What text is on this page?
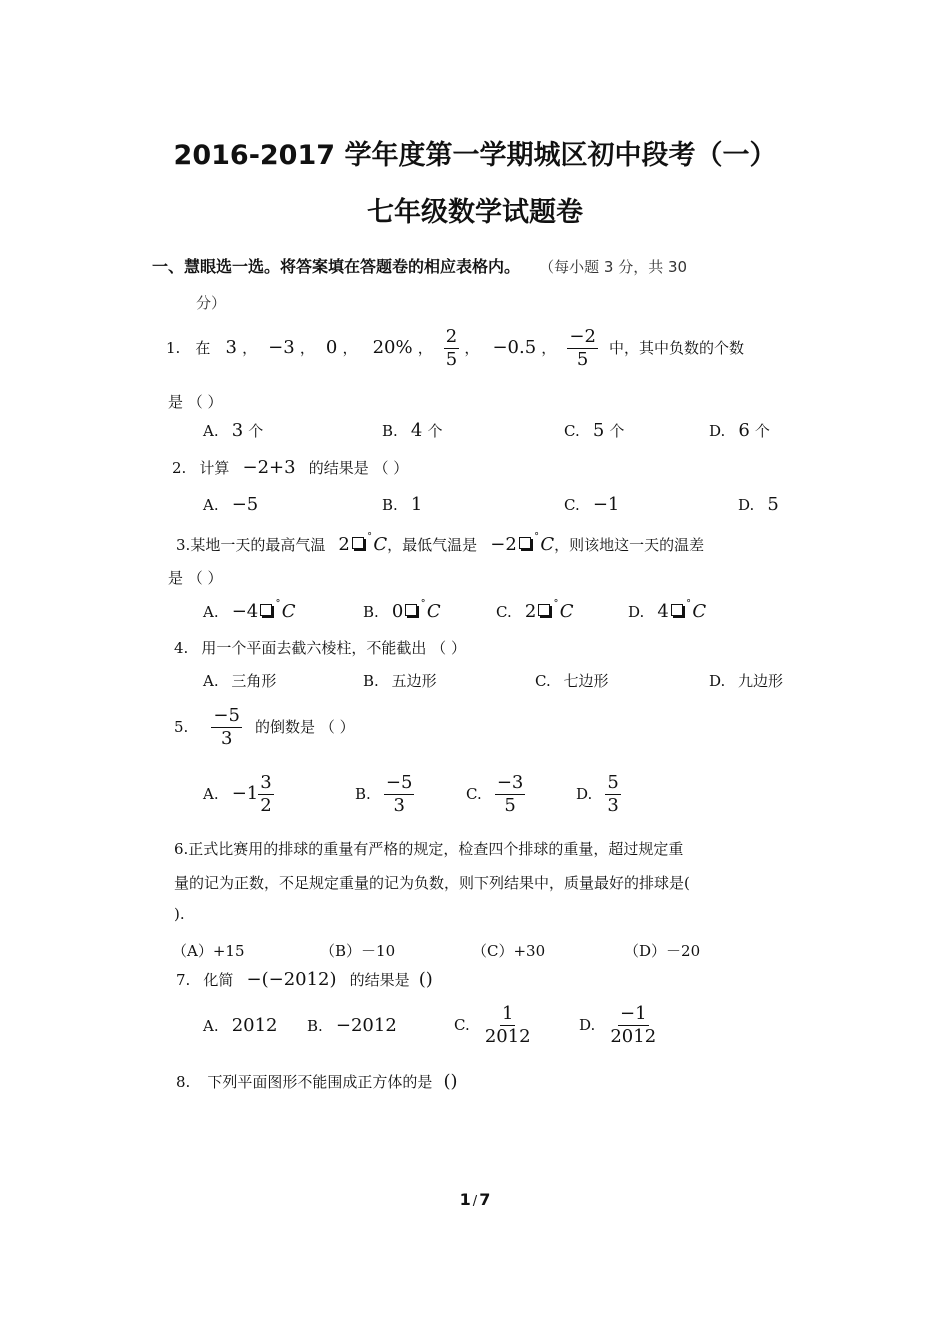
2016-2017 学年度第一学期城区初中段考（一）
七年级数学试题卷
一、慧眼选一选。将答案填在答题卷的相应表格内。 （每小题 3 分，共 30
分）
1. 在 3 ， −3 ， 0 ， 20% ， $\frac{2}{5}$ ， −0.5 ， $\frac{-2}{5}$ 中，其中负数的个数
是 （ ）
A. 3 个	B. 4 个	C. 5 个	D. 6 个
2. 计算 −2+3 的结果是 （ ）
A. −5	B. 1	C. −1	D. 5
3.某地一天的最高气温 2 ˚C，最低气温是 −2 ˚C，则该地这一天的温差
是 （ ）
A. −4 ˚C	B. 0 ˚C	C. 2 ˚C	D. 4 ˚C
4. 用一个平面去截六棱柱，不能截出 （ ）
A. 三角形	B. 五边形	C. 七边形	D. 九边形
5. $\frac{-5}{3}$ 的倒数是 （ ）
A. $-1 \frac{3}{2}$	B. $\frac{-5}{3}$	C. $\frac{-3}{5}$	D. $\frac{5}{3}$
6.正式比赛用的排球的重量有严格的规定，检查四个排球的重量，超过规定重
量的记为正数，不足规定重量的记为负数，则下列结果中，质量最好的排球是(
).
（A）+15	（B）－10	（C）+30	（D）－20
7. 化简 −(−2012) 的结果是 ()
A. 2012 B. −2012	C. $\frac{1}{2012}$	D. $\frac{-1}{2012}$
8. 下列平面图形不能围成正方体的是 ()
1 / 7
